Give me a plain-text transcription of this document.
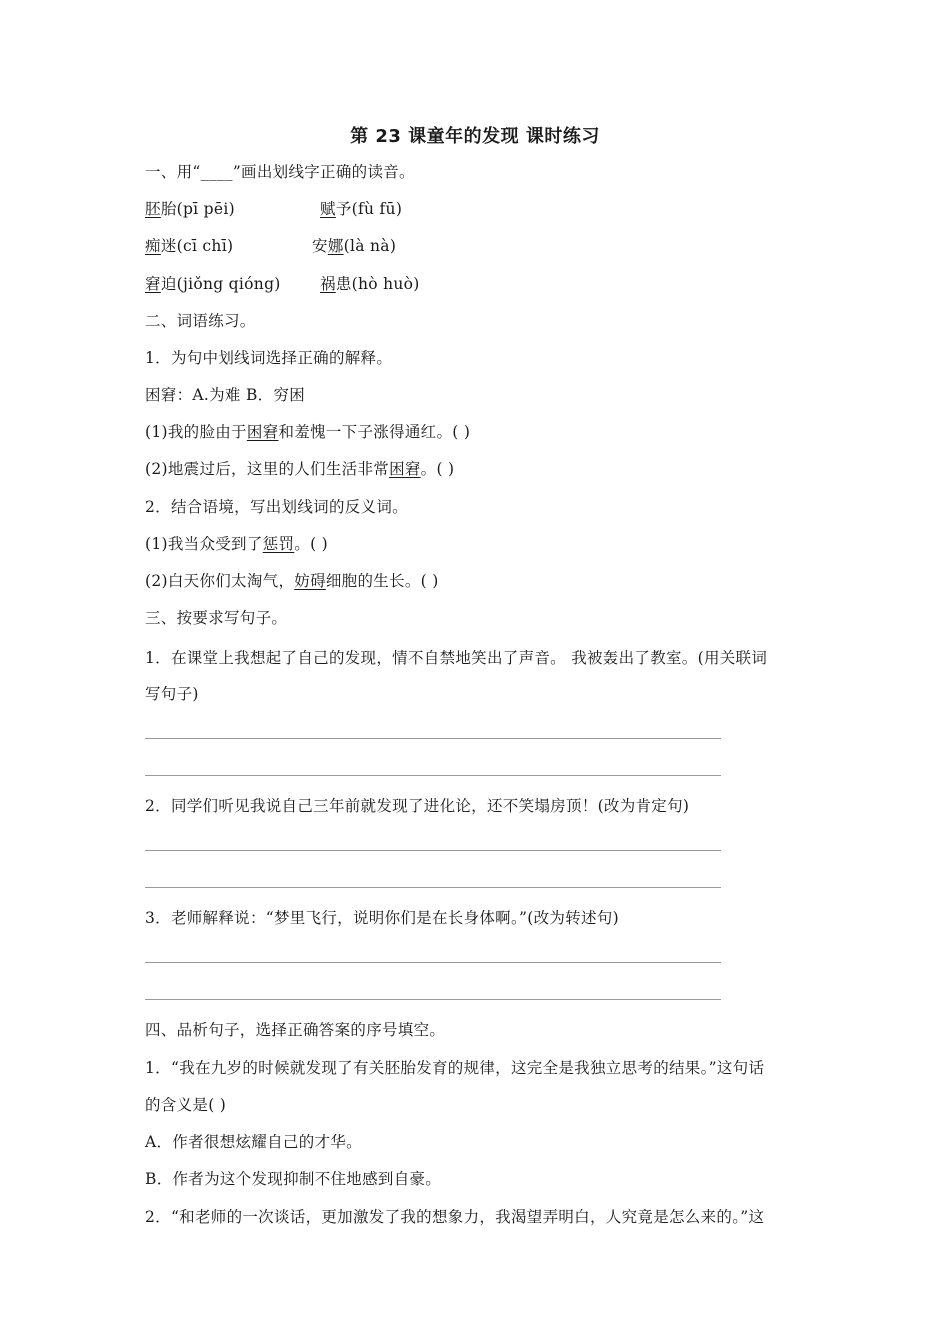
第 23 课童年的发现 课时练习
一、用“____”画出划线字正确的读音。
胚胎(pī pēi)	赋予(fù fū)
痴迷(cī chī)	安娜(là nà)
窘迫(jiǒng qióng)	祸患(hò huò)
二、词语练习。
1．为句中划线词选择正确的解释。
困窘：A.为难 B．穷困
(1)我的脸由于困窘和羞愧一下子涨得通红。( )
(2)地震过后，这里的人们生活非常困窘。( )
2．结合语境，写出划线词的反义词。
(1)我当众受到了惩罚。( )
(2)白天你们太淘气，妨碍细胞的生长。( )
三、按要求写句子。
1．在课堂上我想起了自己的发现，情不自禁地笑出了声音。 我被轰出了教室。(用关联词
写句子)
2．同学们听见我说自己三年前就发现了进化论，还不笑塌房顶！(改为肯定句)
3．老师解释说：“梦里飞行，说明你们是在长身体啊。”(改为转述句)
四、品析句子，选择正确答案的序号填空。
1．“我在九岁的时候就发现了有关胚胎发育的规律，这完全是我独立思考的结果。”这句话
的含义是( )
A．作者很想炫耀自己的才华。
B．作者为这个发现抑制不住地感到自豪。
2．“和老师的一次谈话，更加激发了我的想象力，我渴望弄明白，人究竟是怎么来的。”这
